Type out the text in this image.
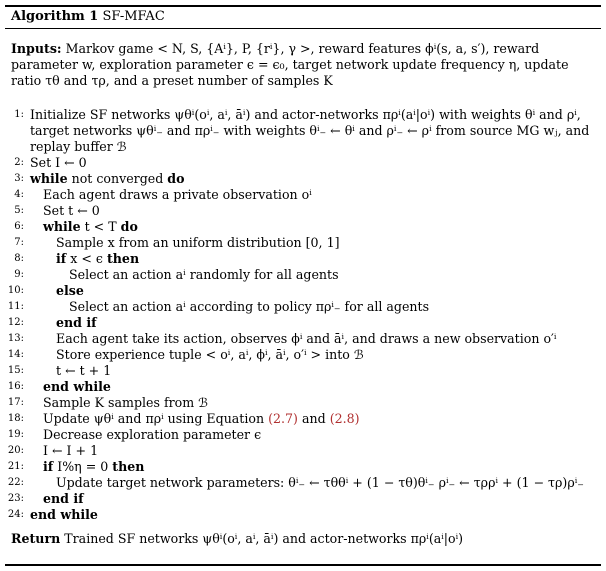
Algorithm 1 SF-MFAC
Inputs: Markov game < N, S, {Aⁱ}, P, {rⁱ}, γ >, reward features ϕⁱ(s, a, s′), reward parameter w, exploration parameter ϵ = ϵ₀, target network update frequency η, update ratio τθ and τρ, and a preset number of samples K
1: Initialize SF networks ψθⁱ(oⁱ, aⁱ, āⁱ) and actor-networks πρⁱ(aⁱ|oⁱ) with weights θⁱ and ρⁱ, target networks ψθⁱ₋ and πρⁱ₋ with weights θⁱ₋ ← θⁱ and ρⁱ₋ ← ρⁱ from source MG wⱼ, and replay buffer ℬ
2: Set I ← 0
3: while not converged do
4: Each agent draws a private observation oⁱ
5: Set t ← 0
6: while t < T do
7:	Sample x from an uniform distribution [0, 1]
8:	if x < ϵ then
9:	Select an action aⁱ randomly for all agents
10:	else
11:	Select an action aⁱ according to policy πρⁱ₋ for all agents
12:	end if
13:	Each agent take its action, observes ϕⁱ and āⁱ, and draws a new observation o′ⁱ
14:	Store experience tuple < oⁱ, aⁱ, ϕⁱ, āⁱ, o′ⁱ > into ℬ
15:	t ← t + 1
16: end while
17: Sample K samples from ℬ
18: Update ψθⁱ and πρⁱ using Equation (2.7) and (2.8)
19: Decrease exploration parameter ϵ
20: I ← I + 1
21: if I%η = 0 then
22:	Update target network parameters: θⁱ₋ ← τθθⁱ + (1 − τθ)θⁱ₋ ρⁱ₋ ← τρρⁱ + (1 − τρ)ρⁱ₋
23: end if
24: end while
Return Trained SF networks ψθⁱ(oⁱ, aⁱ, āⁱ) and actor-networks πρⁱ(aⁱ|oⁱ)
